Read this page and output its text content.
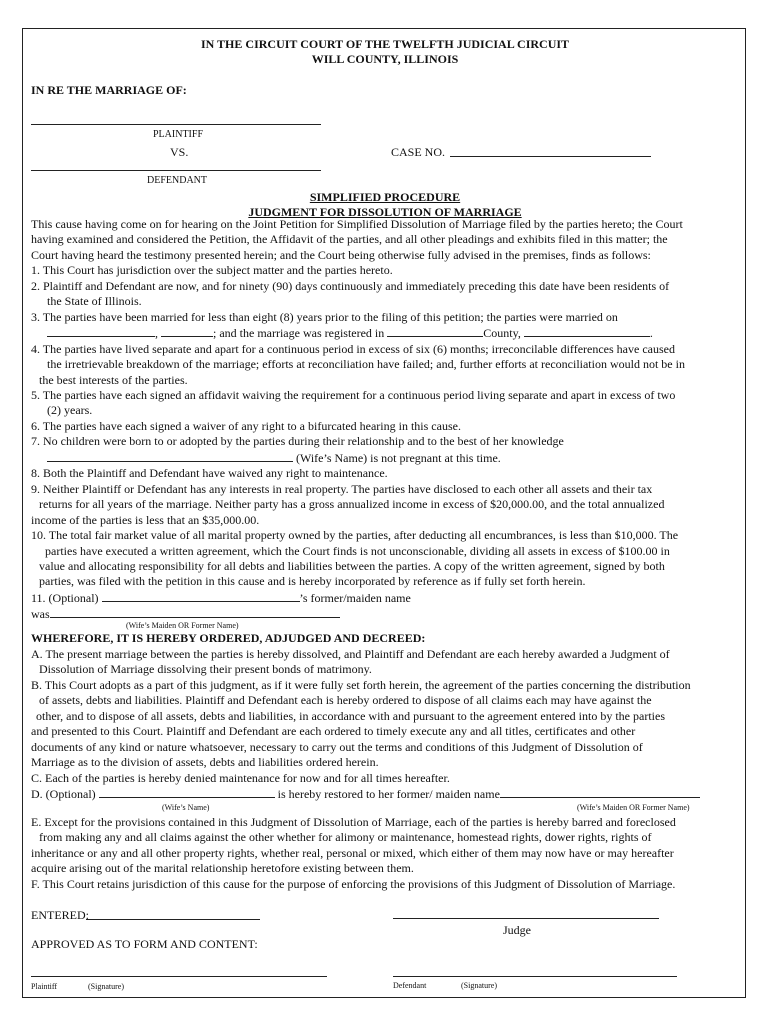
IN THE CIRCUIT COURT OF THE TWELFTH JUDICIAL CIRCUIT
WILL COUNTY, ILLINOIS
IN RE THE MARRIAGE OF:
PLAINTIFF
VS.	CASE NO.
DEFENDANT
SIMPLIFIED PROCEDURE
JUDGMENT FOR DISSOLUTION OF MARRIAGE

This cause having come on for hearing on the Joint Petition for Simplified Dissolution of Marriage filed by the parties hereto; the Court

having examined and considered the Petition, the Affidavit of the parties, and all other pleadings and exhibits filed in this matter; the

Court having heard the testimony presented herein; and the Court being otherwise fully advised in the premises, finds as follows:

1. This Court has jurisdiction over the subject matter and the parties hereto.

2. Plaintiff and Defendant are now, and for ninety (90) days continuously and immediately preceding this date have been residents of

the State of Illinois.

3. The parties have been married for less than eight (8) years prior to the filing of this petition; the parties were married on

,	; and the marriage was registered in	County,	.

4. The parties have lived separate and apart for a continuous period in excess of six (6) months; irreconcilable differences have caused

the irretrievable breakdown of the marriage; efforts at reconciliation have failed; and, further efforts at reconciliation would not be in

the best interests of the parties.

5. The parties have each signed an affidavit waiving the requirement for a continuous period living separate and apart in excess of two

(2) years.

6. The parties have each signed a waiver of any right to a bifurcated hearing in this cause.

7. No children were born to or adopted by the parties during their relationship and to the best of her knowledge

(Wife’s Name) is not pregnant at this time.

8. Both the Plaintiff and Defendant have waived any right to maintenance.

9. Neither Plaintiff or Defendant has any interests in real property. The parties have disclosed to each other all assets and their tax

returns for all years of the marriage. Neither party has a gross annualized income in excess of $20,000.00, and the total annualized

income of the parties is less that an $35,000.00.

10. The total fair market value of all marital property owned by the parties, after deducting all encumbrances, is less than $10,000. The

parties have executed a written agreement, which the Court finds is not unconscionable, dividing all assets in excess of $100.00 in

value and allocating responsibility for all debts and liabilities between the parties. A copy of the written agreement, signed by both

parties, was filed with the petition in this cause and is hereby incorporated by reference as if fully set forth herein.

11. (Optional)	’s former/maiden name

was

(Wife’s Maiden OR Former Name)
WHEREFORE, IT IS HEREBY ORDERED, ADJUDGED AND DECREED:

A. The present marriage between the parties is hereby dissolved, and Plaintiff and Defendant are each hereby awarded a Judgment of

Dissolution of Marriage dissolving their present bonds of matrimony.

B. This Court adopts as a part of this judgment, as if it were fully set forth herein, the agreement of the parties concerning the distribution

of assets, debts and liabilities. Plaintiff and Defendant each is hereby ordered to dispose of all claims each may have against the

other, and to dispose of all assets, debts and liabilities, in accordance with and pursuant to the agreement entered into by the parties

and presented to this Court. Plaintiff and Defendant are each ordered to timely execute any and all titles, certificates and other

documents of any kind or nature whatsoever, necessary to carry out the terms and conditions of this Judgment of Dissolution of

Marriage as to the division of assets, debts and liabilities ordered herein.

C. Each of the parties is hereby denied maintenance for now and for all times hereafter.

D. (Optional)	is hereby restored to her former/ maiden name

(Wife’s Name)	(Wife’s Maiden OR Former Name)

E. Except for the provisions contained in this Judgment of Dissolution of Marriage, each of the parties is hereby barred and foreclosed

from making any and all claims against the other whether for alimony or maintenance, homestead rights, dower rights, rights of

inheritance or any and all other property rights, whether real, personal or mixed, which either of them may now have or may hereafter

acquire arising out of the marital relationship heretofore existing between them.

F. This Court retains jurisdiction of this cause for the purpose of enforcing the provisions of this Judgment of Dissolution of Marriage.

ENTERED:
Judge
APPROVED AS TO FORM AND CONTENT:
Plaintiff	(Signature)	Defendant	(Signature)
